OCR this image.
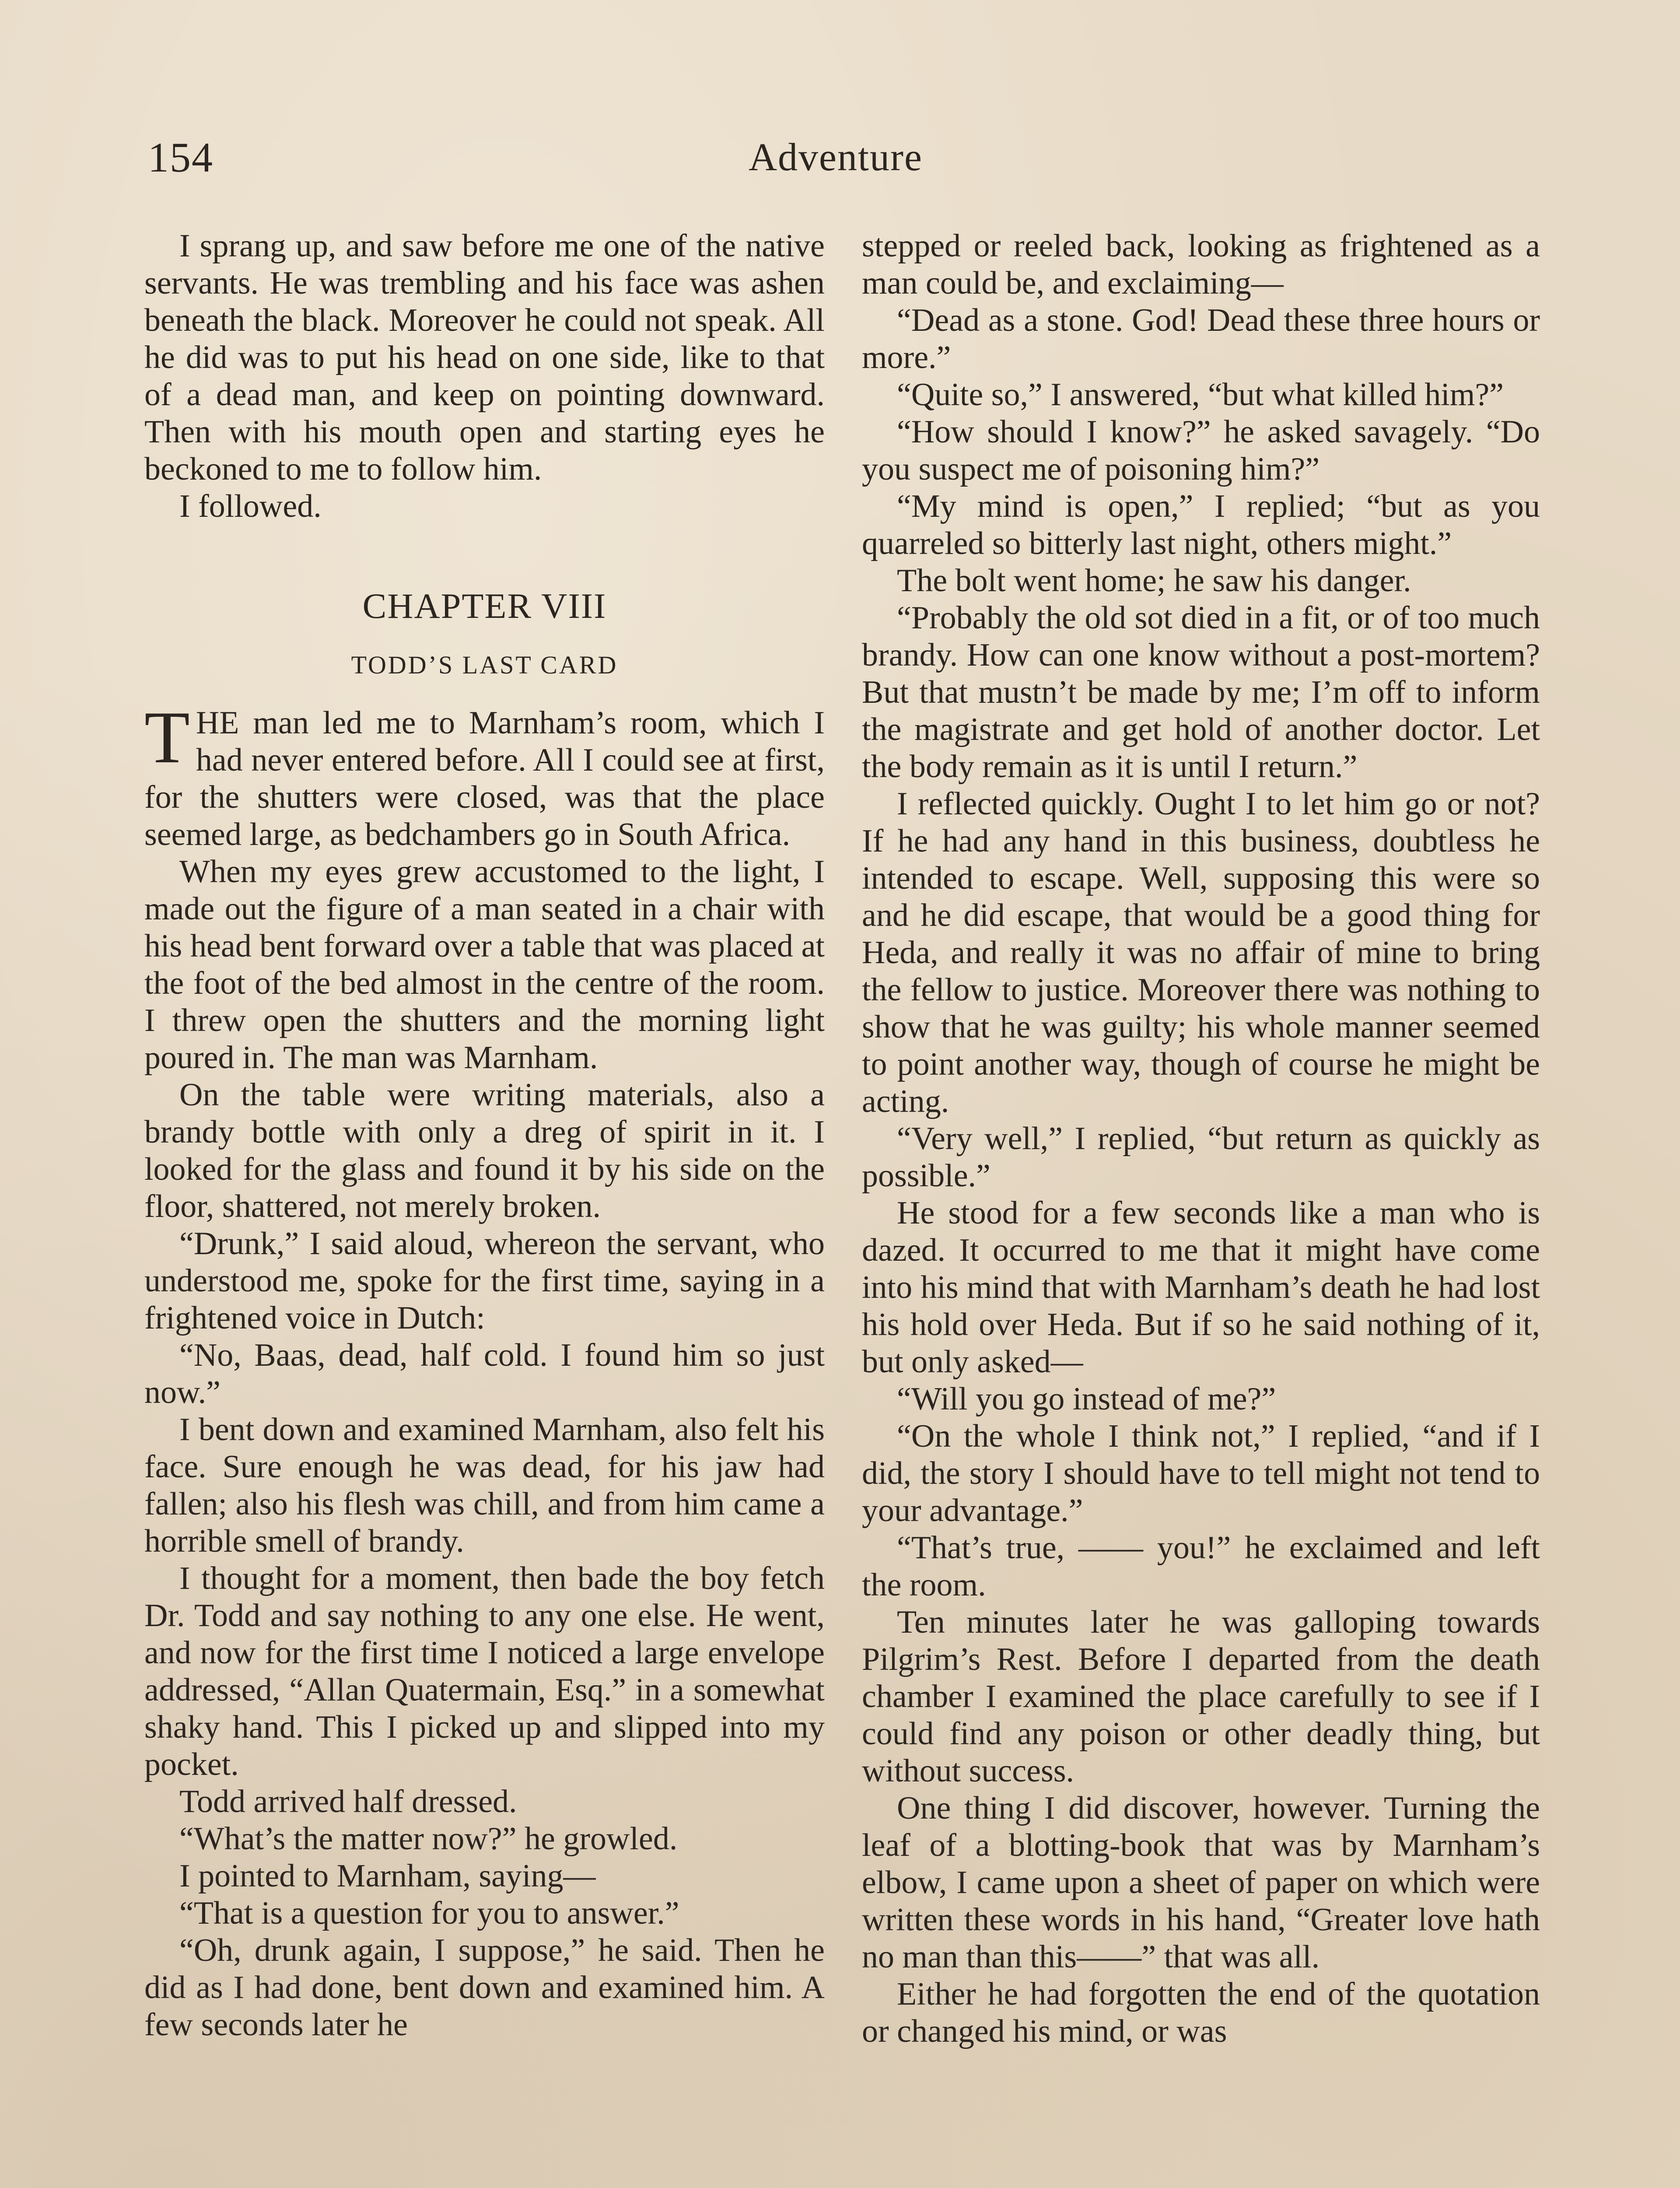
154	Adventure

I sprang up, and saw before me one of the native servants. He was trembling and his face was ashen beneath the black. Moreover he could not speak. All he did was to put his head on one side, like to that of a dead man, and keep on pointing downward. Then with his mouth open and starting eyes he beckoned to me to follow him.

I followed.

CHAPTER VIII
TODD’S LAST CARD

THE man led me to Marnham’s room, which I had never entered before. All I could see at first, for the shutters were closed, was that the place seemed large, as bedchambers go in South Africa.

When my eyes grew accustomed to the light, I made out the figure of a man seated in a chair with his head bent forward over a table that was placed at the foot of the bed almost in the centre of the room. I threw open the shutters and the morning light poured in. The man was Marnham.

On the table were writing materials, also a brandy bottle with only a dreg of spirit in it. I looked for the glass and found it by his side on the floor, shattered, not merely broken.

“Drunk,” I said aloud, whereon the servant, who understood me, spoke for the first time, saying in a frightened voice in Dutch:

“No, Baas, dead, half cold. I found him so just now.”

I bent down and examined Marnham, also felt his face. Sure enough he was dead, for his jaw had fallen; also his flesh was chill, and from him came a horrible smell of brandy.

I thought for a moment, then bade the boy fetch Dr. Todd and say nothing to any one else. He went, and now for the first time I noticed a large envelope addressed, “Allan Quatermain, Esq.” in a somewhat shaky hand. This I picked up and slipped into my pocket.

Todd arrived half dressed.

“What’s the matter now?” he growled.

I pointed to Marnham, saying—

“That is a question for you to answer.”

“Oh, drunk again, I suppose,” he said. Then he did as I had done, bent down and examined him. A few seconds later he

stepped or reeled back, looking as frightened as a man could be, and exclaiming—

“Dead as a stone. God! Dead these three hours or more.”

“Quite so,” I answered, “but what killed him?”

“How should I know?” he asked savagely. “Do you suspect me of poisoning him?”

“My mind is open,” I replied; “but as you quarreled so bitterly last night, others might.”

The bolt went home; he saw his danger.

“Probably the old sot died in a fit, or of too much brandy. How can one know without a post-mortem? But that mustn’t be made by me; I’m off to inform the magistrate and get hold of another doctor. Let the body remain as it is until I return.”

I reflected quickly. Ought I to let him go or not? If he had any hand in this business, doubtless he intended to escape. Well, supposing this were so and he did escape, that would be a good thing for Heda, and really it was no affair of mine to bring the fellow to justice. Moreover there was nothing to show that he was guilty; his whole manner seemed to point another way, though of course he might be acting.

“Very well,” I replied, “but return as quickly as possible.”

He stood for a few seconds like a man who is dazed. It occurred to me that it might have come into his mind that with Marnham’s death he had lost his hold over Heda. But if so he said nothing of it, but only asked—

“Will you go instead of me?”

“On the whole I think not,” I replied, “and if I did, the story I should have to tell might not tend to your advantage.”

“That’s true, —— you!” he exclaimed and left the room.

Ten minutes later he was galloping towards Pilgrim’s Rest. Before I departed from the death chamber I examined the place carefully to see if I could find any poison or other deadly thing, but without success.

One thing I did discover, however. Turning the leaf of a blotting-book that was by Marnham’s elbow, I came upon a sheet of paper on which were written these words in his hand, “Greater love hath no man than this——” that was all.

Either he had forgotten the end of the quotation or changed his mind, or was
